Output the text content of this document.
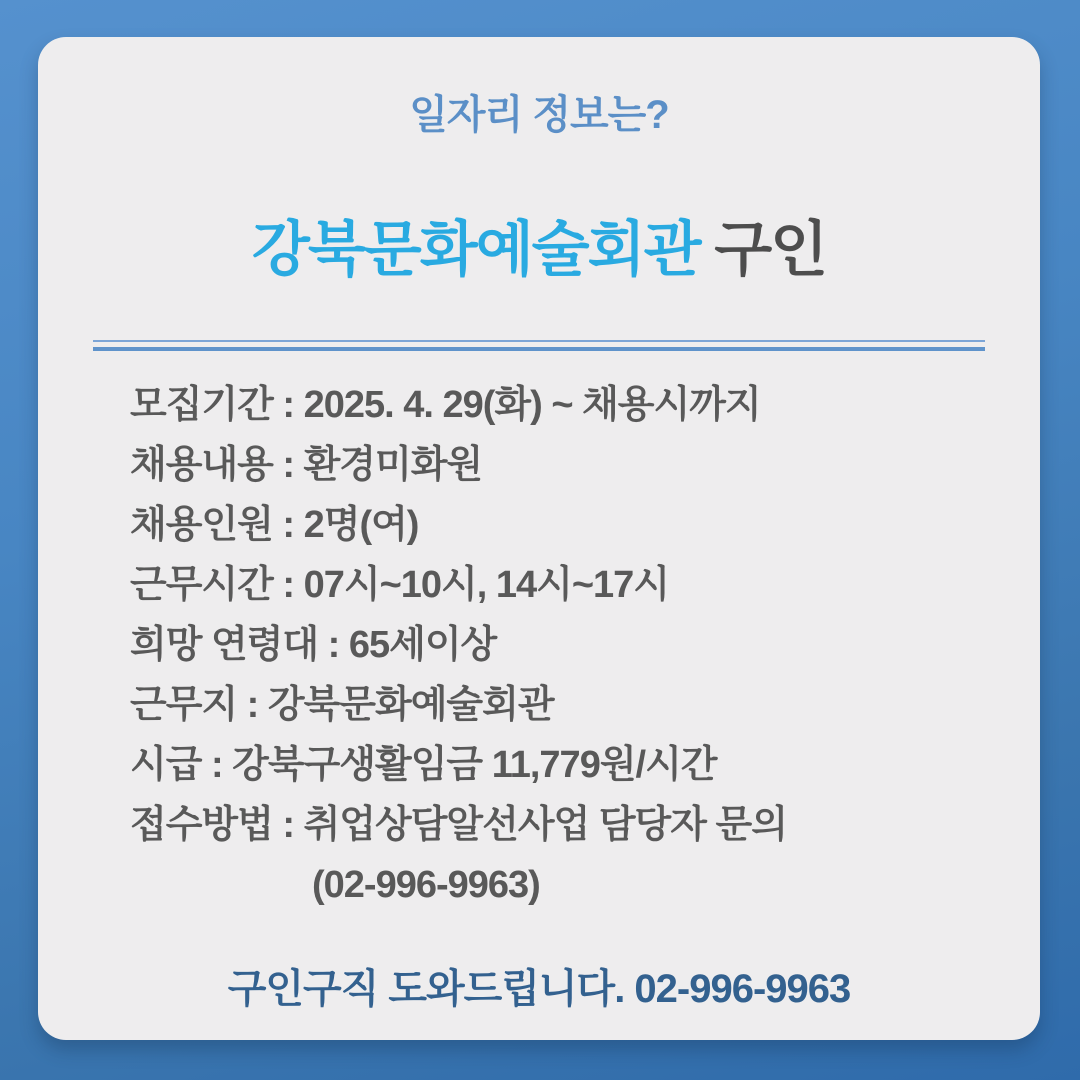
일자리 정보는?
강북문화예술회관 구인
모집기간 : 2025. 4. 29(화) ~ 채용시까지
채용내용 : 환경미화원
채용인원 : 2명(여)
근무시간 : 07시~10시, 14시~17시
희망 연령대 : 65세이상
근무지 : 강북문화예술회관
시급 : 강북구생활임금 11,779원/시간
접수방법 : 취업상담알선사업 담당자 문의
(02-996-9963)
구인구직 도와드립니다. 02-996-9963
